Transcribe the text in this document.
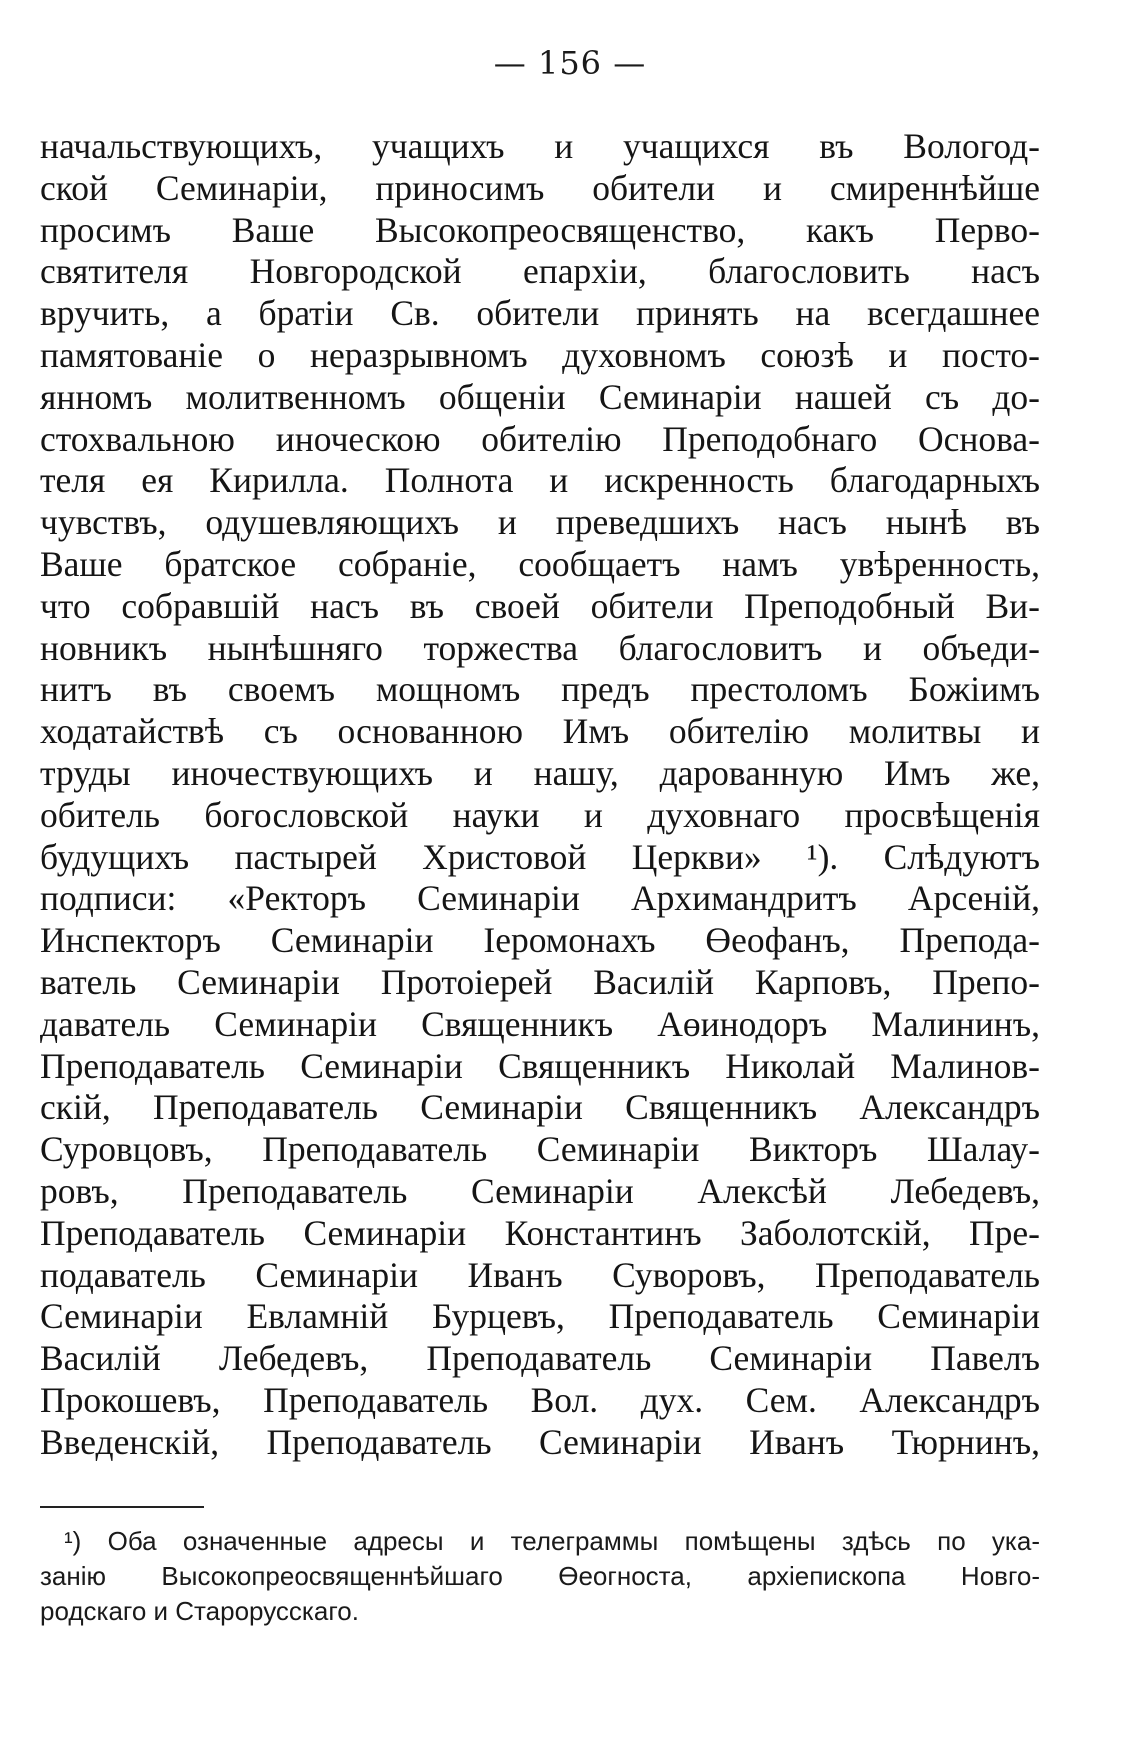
— 156 —
начальствующихъ, учащихъ и учащихся въ Вологод-
ской Семинаріи, приносимъ обители и смиреннѣйше
просимъ Ваше Высокопреосвященство, какъ Перво-
святителя Новгородской епархіи, благословить насъ
вручить, а братіи Св. обители принять на всегдашнее
памятованіе о неразрывномъ духовномъ союзѣ и посто-
янномъ молитвенномъ общеніи Семинаріи нашей съ до-
стохвальною иноческою обителію Преподобнаго Основа-
теля ея Кирилла. Полнота и искренность благодарныхъ
чувствъ, одушевляющихъ и преведшихъ насъ нынѣ въ
Ваше братское собраніе, сообщаетъ намъ увѣренность,
что собравшій насъ въ своей обители Преподобный Ви-
новникъ нынѣшняго торжества благословитъ и объеди-
нитъ въ своемъ мощномъ предъ престоломъ Божіимъ
ходатайствѣ съ основанною Имъ обителію молитвы и
труды иночествующихъ и нашу, дарованную Имъ же,
обитель богословской науки и духовнаго просвѣщенія
будущихъ пастырей Христовой Церкви» ¹). Слѣдуютъ
подписи: «Ректоръ Семинаріи Архимандритъ Арсеній,
Инспекторъ Семинаріи Іеромонахъ Өеофанъ, Препода-
ватель Семинаріи Протоіерей Василій Карповъ, Препо-
даватель Семинаріи Священникъ Аөинодоръ Малининъ,
Преподаватель Семинаріи Священникъ Николай Малинов-
скій, Преподаватель Семинаріи Священникъ Александръ
Суровцовъ, Преподаватель Семинаріи Викторъ Шалау-
ровъ, Преподаватель Семинаріи Алексѣй Лебедевъ,
Преподаватель Семинаріи Константинъ Заболотскій, Пре-
подаватель Семинаріи Иванъ Суворовъ, Преподаватель
Семинаріи Евламній Бурцевъ, Преподаватель Семинаріи
Василій Лебедевъ, Преподаватель Семинаріи Павелъ
Прокошевъ, Преподаватель Вол. дух. Сем. Александръ
Введенскій, Преподаватель Семинаріи Иванъ Тюрнинъ,
¹) Оба означенные адресы и телеграммы помѣщены здѣсь по ука-
занію Высокопреосвященнѣйшаго Өеогноста, архіепископа Новго-
родскаго и Старорусскаго.
